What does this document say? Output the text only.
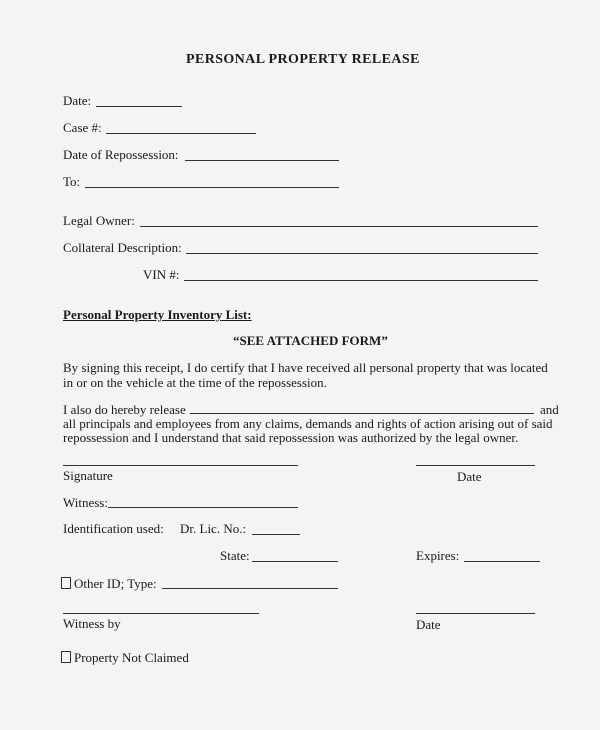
PERSONAL PROPERTY RELEASE
Date:
Case #:
Date of Repossession:
To:
Legal Owner:
Collateral Description:
VIN #:
Personal Property Inventory List:
“SEE ATTACHED FORM”
By signing this receipt, I do certify that I have received all personal property that was located
in or on the vehicle at the time of the repossession.
I also do hereby release	and
all principals and employees from any claims, demands and rights of action arising out of said
repossession and I understand that said repossession was authorized by the legal owner.
Signature	Date
Witness:
Identification used: Dr. Lic. No.:
State:	Expires:
Other ID; Type:
Witness by	Date
Property Not Claimed
